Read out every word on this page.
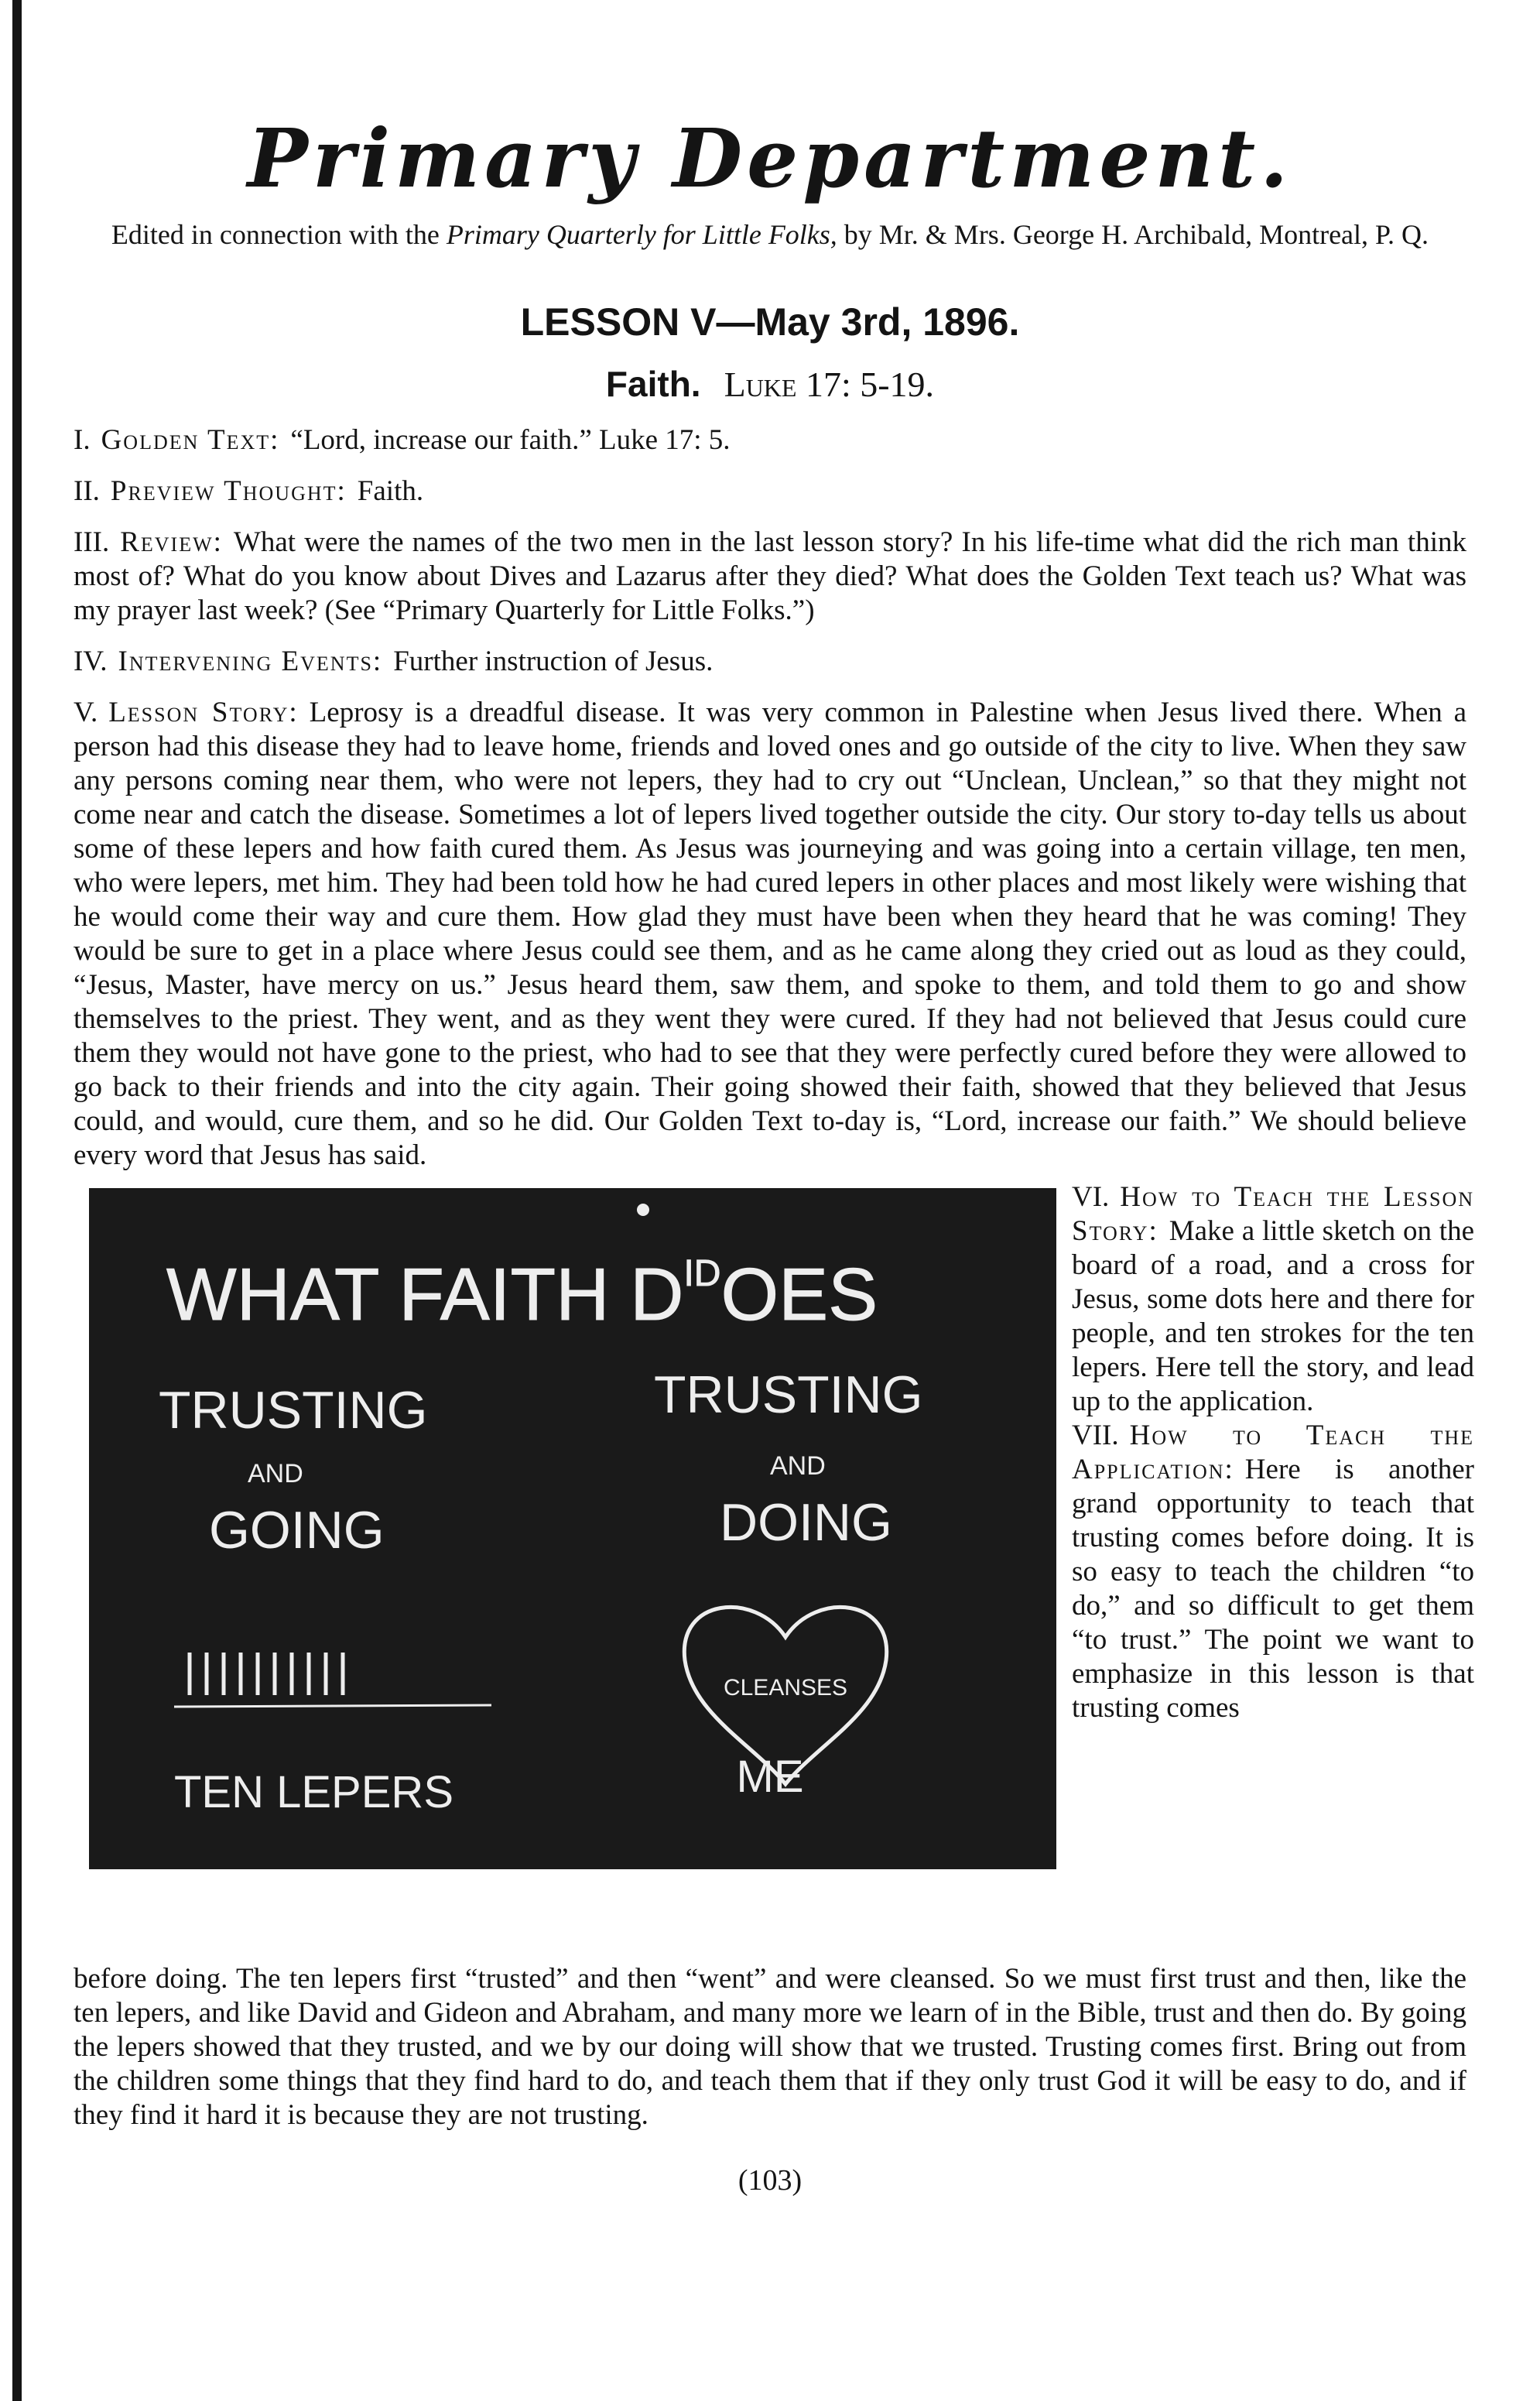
Primary Department.
Edited in connection with the Primary Quarterly for Little Folks, by Mr. & Mrs. George H. Archibald, Montreal, P. Q.
LESSON V—May 3rd, 1896.
Faith. Luke 17: 5-19.
I. Golden Text: “Lord, increase our faith.” Luke 17: 5.
II. Preview Thought: Faith.
III. Review: What were the names of the two men in the last lesson story? In his life-time what did the rich man think most of? What do you know about Dives and Lazarus after they died? What does the Golden Text teach us? What was my prayer last week? (See “Primary Quarterly for Little Folks.”)
IV. Intervening Events: Further instruction of Jesus.
V. Lesson Story: Leprosy is a dreadful disease. It was very common in Palestine when Jesus lived there. When a person had this disease they had to leave home, friends and loved ones and go outside of the city to live. When they saw any persons coming near them, who were not lepers, they had to cry out “Unclean, Unclean,” so that they might not come near and catch the disease. Sometimes a lot of lepers lived together outside the city. Our story to-day tells us about some of these lepers and how faith cured them. As Jesus was journeying and was going into a certain village, ten men, who were lepers, met him. They had been told how he had cured lepers in other places and most likely were wishing that he would come their way and cure them. How glad they must have been when they heard that he was coming! They would be sure to get in a place where Jesus could see them, and as he came along they cried out as loud as they could, “Jesus, Master, have mercy on us.” Jesus heard them, saw them, and spoke to them, and told them to go and show themselves to the priest. They went, and as they went they were cured. If they had not believed that Jesus could cure them they would not have gone to the priest, who had to see that they were perfectly cured before they were allowed to go back to their friends and into the city again. Their going showed their faith, showed that they believed that Jesus could, and would, cure them, and so he did. Our Golden Text to-day is, “Lord, increase our faith.” We should believe every word that Jesus has said.
WHAT FAITH $D^{ID}OES$
TRUSTING
AND
GOING
TRUSTING
AND
DOING
CLEANSES
TEN LEPERS	ME
VI. How to Teach the Lesson Story: Make a little sketch on the board of a road, and a cross for Jesus, some dots here and there for people, and ten strokes for the ten lepers. Here tell the story, and lead up to the application.
VII. How to Teach the Application: Here is another grand opportunity to teach that trusting comes before doing. It is so easy to teach the children “to do,” and so difficult to get them “to trust.” The point we want to emphasize in this lesson is that trusting comes
before doing. The ten lepers first “trusted” and then “went” and were cleansed. So we must first trust and then, like the ten lepers, and like David and Gideon and Abraham, and many more we learn of in the Bible, trust and then do. By going the lepers showed that they trusted, and we by our doing will show that we trusted. Trusting comes first. Bring out from the children some things that they find hard to do, and teach them that if they only trust God it will be easy to do, and if they find it hard it is because they are not trusting.
(103)
